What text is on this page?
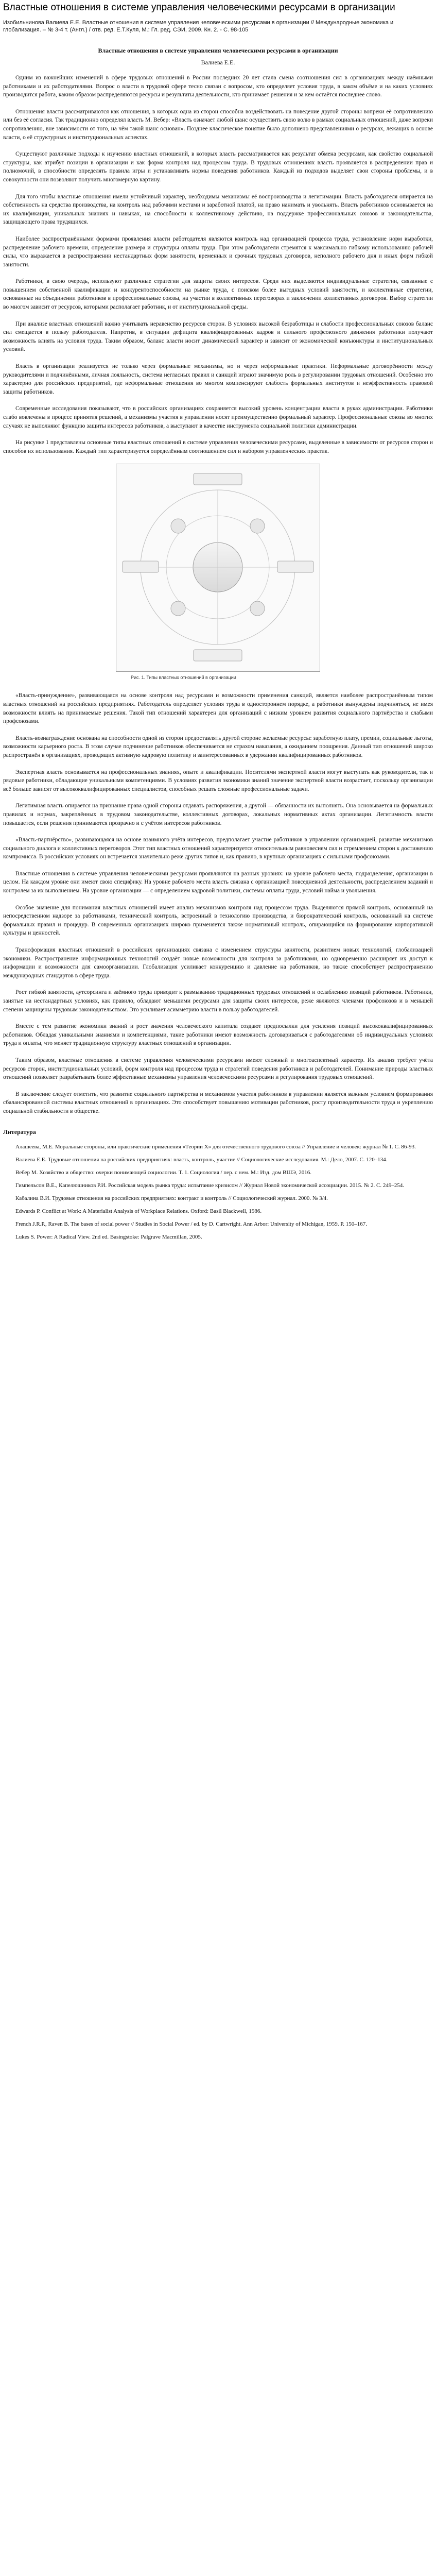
Властные отношения в системе управления человеческими ресурсами в организации
Изобильнинова Валиева Е.Е. Властные отношения в системе управления человеческими ресурсами в организации // Международные экономика и глобализация. – № 3-4 т. (Англ.) / отв. ред. Е.Т.Куля, М.: Гл. ред. СЭИ, 2009. Кн. 2. - С. 98-105
Властные отношения в системе управления человеческими ресурсами в организации
Валиева Е.Е.

Одним из важнейших изменений в сфере трудовых отношений в России последних 20 лет стала смена соотношения сил в организациях между наёмными работниками и их работодателями. Вопрос о власти в трудовой сфере тесно связан с вопросом, кто определяет условия труда, в каком объёме и на каких условиях производится работа, каким образом распределяются ресурсы и результаты деятельности, кто принимает решения и за кем остаётся последнее слово.

Отношения власти рассматриваются как отношения, в которых одна из сторон способна воздействовать на поведение другой стороны вопреки её сопротивлению или без её согласия. Так традиционно определял власть М. Вебер: «Власть означает любой шанс осуществить свою волю в рамках социальных отношений, даже вопреки сопротивлению, вне зависимости от того, на чём такой шанс основан». Позднее классическое понятие было дополнено представлениями о ресурсах, лежащих в основе власти, о её структурных и институциональных аспектах.

Существуют различные подходы к изучению властных отношений, в которых власть рассматривается как результат обмена ресурсами, как свойство социальной структуры, как атрибут позиции в организации и как форма контроля над процессом труда. В трудовых отношениях власть проявляется в распределении прав и полномочий, в способности определять правила игры и устанавливать нормы поведения работников. Каждый из подходов выделяет свои стороны проблемы, и в совокупности они позволяют получить многомерную картину.

Для того чтобы властные отношения имели устойчивый характер, необходимы механизмы её воспроизводства и легитимации. Власть работодателя опирается на собственность на средства производства, на контроль над рабочими местами и заработной платой, на право нанимать и увольнять. Власть работников основывается на их квалификации, уникальных знаниях и навыках, на способности к коллективному действию, на поддержке профессиональных союзов и законодательства, защищающего права трудящихся.

Наиболее распространёнными формами проявления власти работодателя являются контроль над организацией процесса труда, установление норм выработки, распределение рабочего времени, определение размера и структуры оплаты труда. При этом работодатели стремятся к максимально гибкому использованию рабочей силы, что выражается в распространении нестандартных форм занятости, временных и срочных трудовых договоров, неполного рабочего дня и иных форм гибкой занятости.

Работники, в свою очередь, используют различные стратегии для защиты своих интересов. Среди них выделяются индивидуальные стратегии, связанные с повышением собственной квалификации и конкурентоспособности на рынке труда, с поиском более выгодных условий занятости, и коллективные стратегии, основанные на объединении работников в профессиональные союзы, на участии в коллективных переговорах и заключении коллективных договоров. Выбор стратегии во многом зависит от ресурсов, которыми располагает работник, и от институциональной среды.

При анализе властных отношений важно учитывать неравенство ресурсов сторон. В условиях высокой безработицы и слабости профессиональных союзов баланс сил смещается в пользу работодателя. Напротив, в ситуации дефицита квалифицированных кадров и сильного профсоюзного движения работники получают возможность влиять на условия труда. Таким образом, баланс власти носит динамический характер и зависит от экономической конъюнктуры и институциональных условий.

Власть в организации реализуется не только через формальные механизмы, но и через неформальные практики. Неформальные договорённости между руководителями и подчинёнными, личная лояльность, система негласных правил и санкций играют значимую роль в регулировании трудовых отношений. Особенно это характерно для российских предприятий, где неформальные отношения во многом компенсируют слабость формальных институтов и неэффективность правовой защиты работников.

Современные исследования показывают, что в российских организациях сохраняется высокий уровень концентрации власти в руках администрации. Работники слабо вовлечены в процесс принятия решений, а механизмы участия в управлении носят преимущественно формальный характер. Профессиональные союзы во многих случаях не выполняют функцию защиты интересов работников, а выступают в качестве инструмента социальной политики администрации.

На рисунке 1 представлены основные типы властных отношений в системе управления человеческими ресурсами, выделенные в зависимости от ресурсов сторон и способов их использования. Каждый тип характеризуется определённым соотношением сил и набором управленческих практик.

Рис. 1. Типы властных отношений в организации

«Власть-принуждение», развивающаяся на основе контроля над ресурсами и возможности применения санкций, является наиболее распространённым типом властных отношений на российских предприятиях. Работодатель определяет условия труда в одностороннем порядке, а работники вынуждены подчиняться, не имея возможности влиять на принимаемые решения. Такой тип отношений характерен для организаций с низким уровнем развития социального партнёрства и слабыми профсоюзами.

Власть-вознаграждение основана на способности одной из сторон предоставлять другой стороне желаемые ресурсы: заработную плату, премии, социальные льготы, возможности карьерного роста. В этом случае подчинение работников обеспечивается не страхом наказания, а ожиданием поощрения. Данный тип отношений широко распространён в организациях, проводящих активную кадровую политику и заинтересованных в удержании квалифицированных работников.

Экспертная власть основывается на профессиональных знаниях, опыте и квалификации. Носителями экспертной власти могут выступать как руководители, так и рядовые работники, обладающие уникальными компетенциями. В условиях развития экономики знаний значение экспертной власти возрастает, поскольку организации всё больше зависят от высококвалифицированных специалистов, способных решать сложные профессиональные задачи.

Легитимная власть опирается на признание права одной стороны отдавать распоряжения, а другой — обязанности их выполнять. Она основывается на формальных правилах и нормах, закреплённых в трудовом законодательстве, коллективных договорах, локальных нормативных актах организации. Легитимность власти повышается, если решения принимаются прозрачно и с учётом интересов работников.

«Власть-партнёрство», развивающаяся на основе взаимного учёта интересов, предполагает участие работников в управлении организацией, развитие механизмов социального диалога и коллективных переговоров. Этот тип властных отношений характеризуется относительным равновесием сил и стремлением сторон к достижению компромисса. В российских условиях он встречается значительно реже других типов и, как правило, в крупных организациях с сильными профсоюзами.

Властные отношения в системе управления человеческими ресурсами проявляются на разных уровнях: на уровне рабочего места, подразделения, организации в целом. На каждом уровне они имеют свою специфику. На уровне рабочего места власть связана с организацией повседневной деятельности, распределением заданий и контролем за их выполнением. На уровне организации — с определением кадровой политики, системы оплаты труда, условий найма и увольнения.

Особое значение для понимания властных отношений имеет анализ механизмов контроля над процессом труда. Выделяются прямой контроль, основанный на непосредственном надзоре за работниками, технический контроль, встроенный в технологию производства, и бюрократический контроль, основанный на системе формальных правил и процедур. В современных организациях широко применяется также нормативный контроль, опирающийся на формирование корпоративной культуры и ценностей.

Трансформация властных отношений в российских организациях связана с изменением структуры занятости, развитием новых технологий, глобализацией экономики. Распространение информационных технологий создаёт новые возможности для контроля за работниками, но одновременно расширяет их доступ к информации и возможности для самоорганизации. Глобализация усиливает конкуренцию и давление на работников, но также способствует распространению международных стандартов в сфере труда.

Рост гибкой занятости, аутсорсинга и заёмного труда приводит к размыванию традиционных трудовых отношений и ослаблению позиций работников. Работники, занятые на нестандартных условиях, как правило, обладают меньшими ресурсами для защиты своих интересов, реже являются членами профсоюзов и в меньшей степени защищены трудовым законодательством. Это усиливает асимметрию власти в пользу работодателей.

Вместе с тем развитие экономики знаний и рост значения человеческого капитала создают предпосылки для усиления позиций высококвалифицированных работников. Обладая уникальными знаниями и компетенциями, такие работники имеют возможность договариваться с работодателями об индивидуальных условиях труда и оплаты, что меняет традиционную структуру властных отношений в организации.

Таким образом, властные отношения в системе управления человеческими ресурсами имеют сложный и многоаспектный характер. Их анализ требует учёта ресурсов сторон, институциональных условий, форм контроля над процессом труда и стратегий поведения работников и работодателей. Понимание природы властных отношений позволяет разрабатывать более эффективные механизмы управления человеческими ресурсами и регулирования трудовых отношений.

В заключение следует отметить, что развитие социального партнёрства и механизмов участия работников в управлении является важным условием формирования сбалансированной системы властных отношений в организациях. Это способствует повышению мотивации работников, росту производительности труда и укреплению социальной стабильности в обществе.

Литература

Алашеева, М.Е. Моральные стороны, или практические применения «Теории Х» для отечественного трудового союза // Управление и человек: журнал № 1. С. 86-93.

Валиева Е.Е. Трудовые отношения на российских предприятиях: власть, контроль, участие // Социологические исследования. М.: Дело, 2007. С. 120–134.

Вебер М. Хозяйство и общество: очерки понимающей социологии. Т. 1. Социология / пер. с нем. М.: Изд. дом ВШЭ, 2016.

Гимпельсон В.Е., Капелюшников Р.И. Российская модель рынка труда: испытание кризисом // Журнал Новой экономической ассоциации. 2015. № 2. С. 249–254.

Кабалина В.И. Трудовые отношения на российских предприятиях: контракт и контроль // Социологический журнал. 2000. № 3/4.

Edwards P. Conflict at Work: A Materialist Analysis of Workplace Relations. Oxford: Basil Blackwell, 1986.

French J.R.P., Raven B. The bases of social power // Studies in Social Power / ed. by D. Cartwright. Ann Arbor: University of Michigan, 1959. P. 150–167.

Lukes S. Power: A Radical View. 2nd ed. Basingstoke: Palgrave Macmillan, 2005.
